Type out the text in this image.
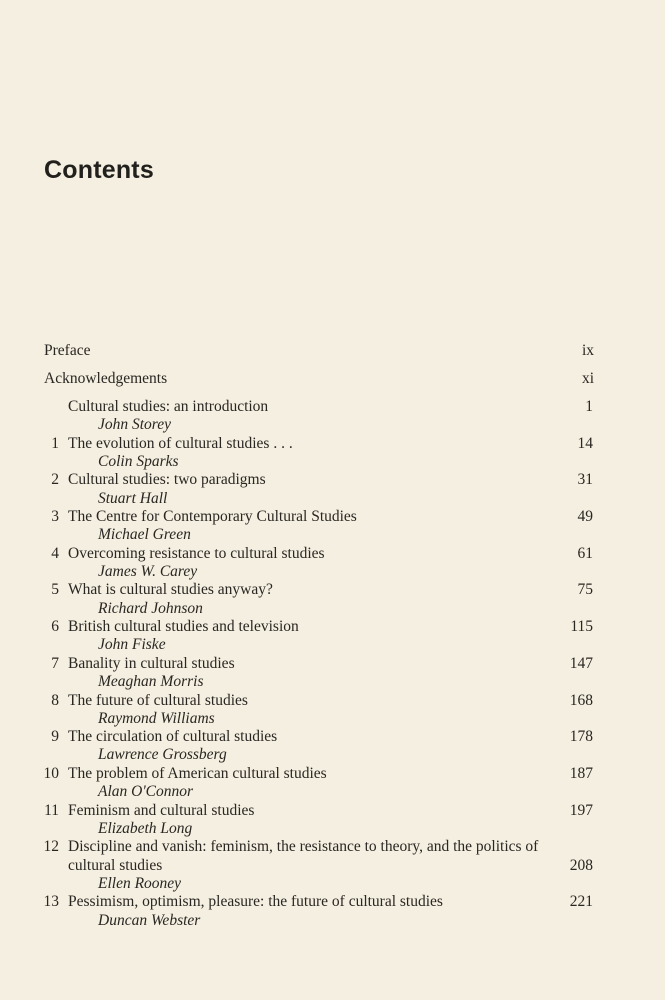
Contents
Preface	ix
Acknowledgements	xi
Cultural studies: an introduction
John Storey
1
1 The evolution of cultural studies . . .
Colin Sparks
14
2 Cultural studies: two paradigms
Stuart Hall
31
3 The Centre for Contemporary Cultural Studies
Michael Green
49
4 Overcoming resistance to cultural studies
James W. Carey
61
5 What is cultural studies anyway?
Richard Johnson
75
6 British cultural studies and television
John Fiske
115
7 Banality in cultural studies
Meaghan Morris
147
8 The future of cultural studies
Raymond Williams
168
9 The circulation of cultural studies
Lawrence Grossberg
178
10 The problem of American cultural studies
Alan O'Connor
187
11 Feminism and cultural studies
Elizabeth Long
197
12 Discipline and vanish: feminism, the resistance to theory, and the politics of cultural studies
Ellen Rooney
208
13 Pessimism, optimism, pleasure: the future of cultural studies
Duncan Webster
221
